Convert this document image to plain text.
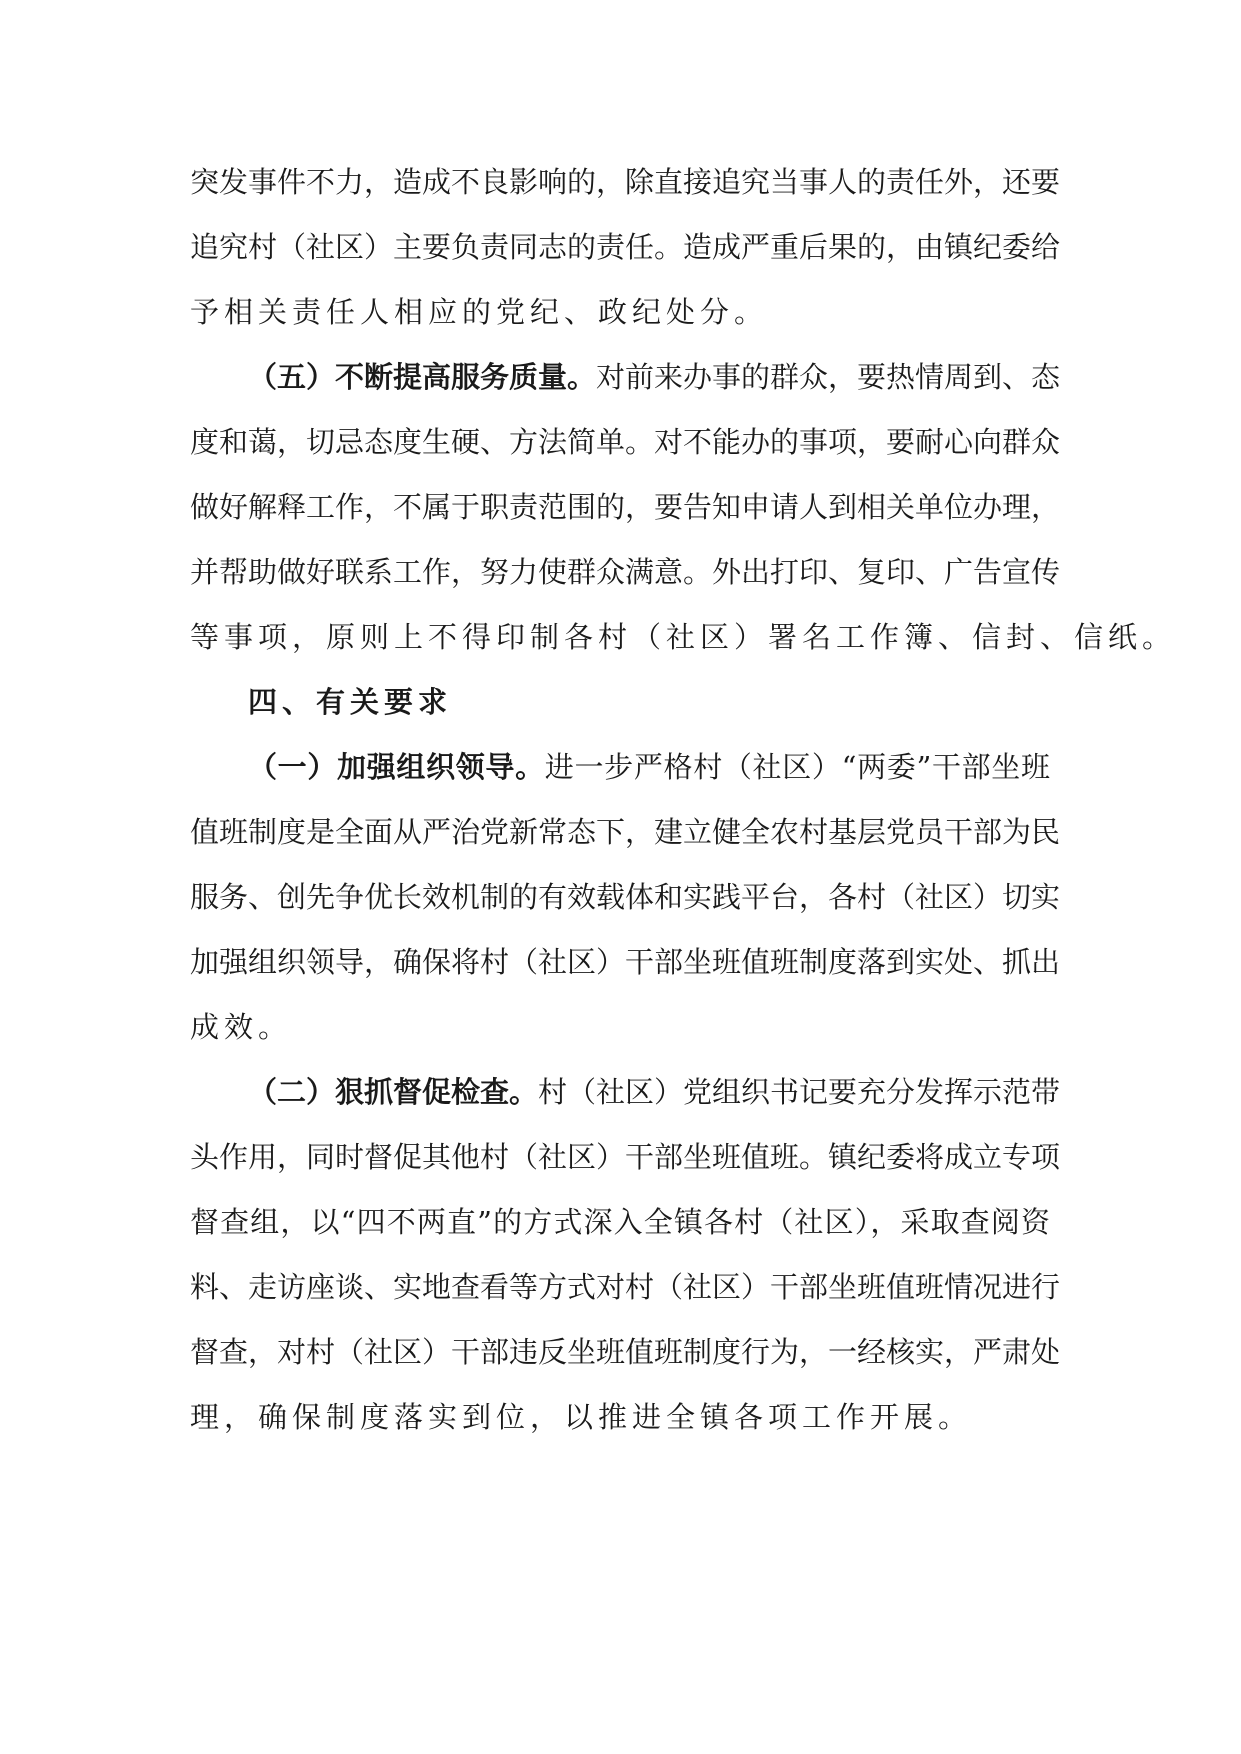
突发事件不力，造成不良影响的，除直接追究当事人的责任外，还要
追究村（社区）主要负责同志的责任。造成严重后果的，由镇纪委给
予相关责任人相应的党纪、政纪处分。
（五）不断提高服务质量。对前来办事的群众，要热情周到、态
度和蔼，切忌态度生硬、方法简单。对不能办的事项，要耐心向群众
做好解释工作，不属于职责范围的，要告知申请人到相关单位办理，
并帮助做好联系工作，努力使群众满意。外出打印、复印、广告宣传
等事项，原则上不得印制各村（社区）署名工作簿、信封、信纸。
四、有关要求
（一）加强组织领导。进一步严格村（社区）“两委”干部坐班
值班制度是全面从严治党新常态下，建立健全农村基层党员干部为民
服务、创先争优长效机制的有效载体和实践平台，各村（社区）切实
加强组织领导，确保将村（社区）干部坐班值班制度落到实处、抓出
成效。
（二）狠抓督促检查。村（社区）党组织书记要充分发挥示范带
头作用，同时督促其他村（社区）干部坐班值班。镇纪委将成立专项
督查组，以“四不两直”的方式深入全镇各村（社区），采取查阅资
料、走访座谈、实地查看等方式对村（社区）干部坐班值班情况进行
督查，对村（社区）干部违反坐班值班制度行为，一经核实，严肃处
理，确保制度落实到位，以推进全镇各项工作开展。
